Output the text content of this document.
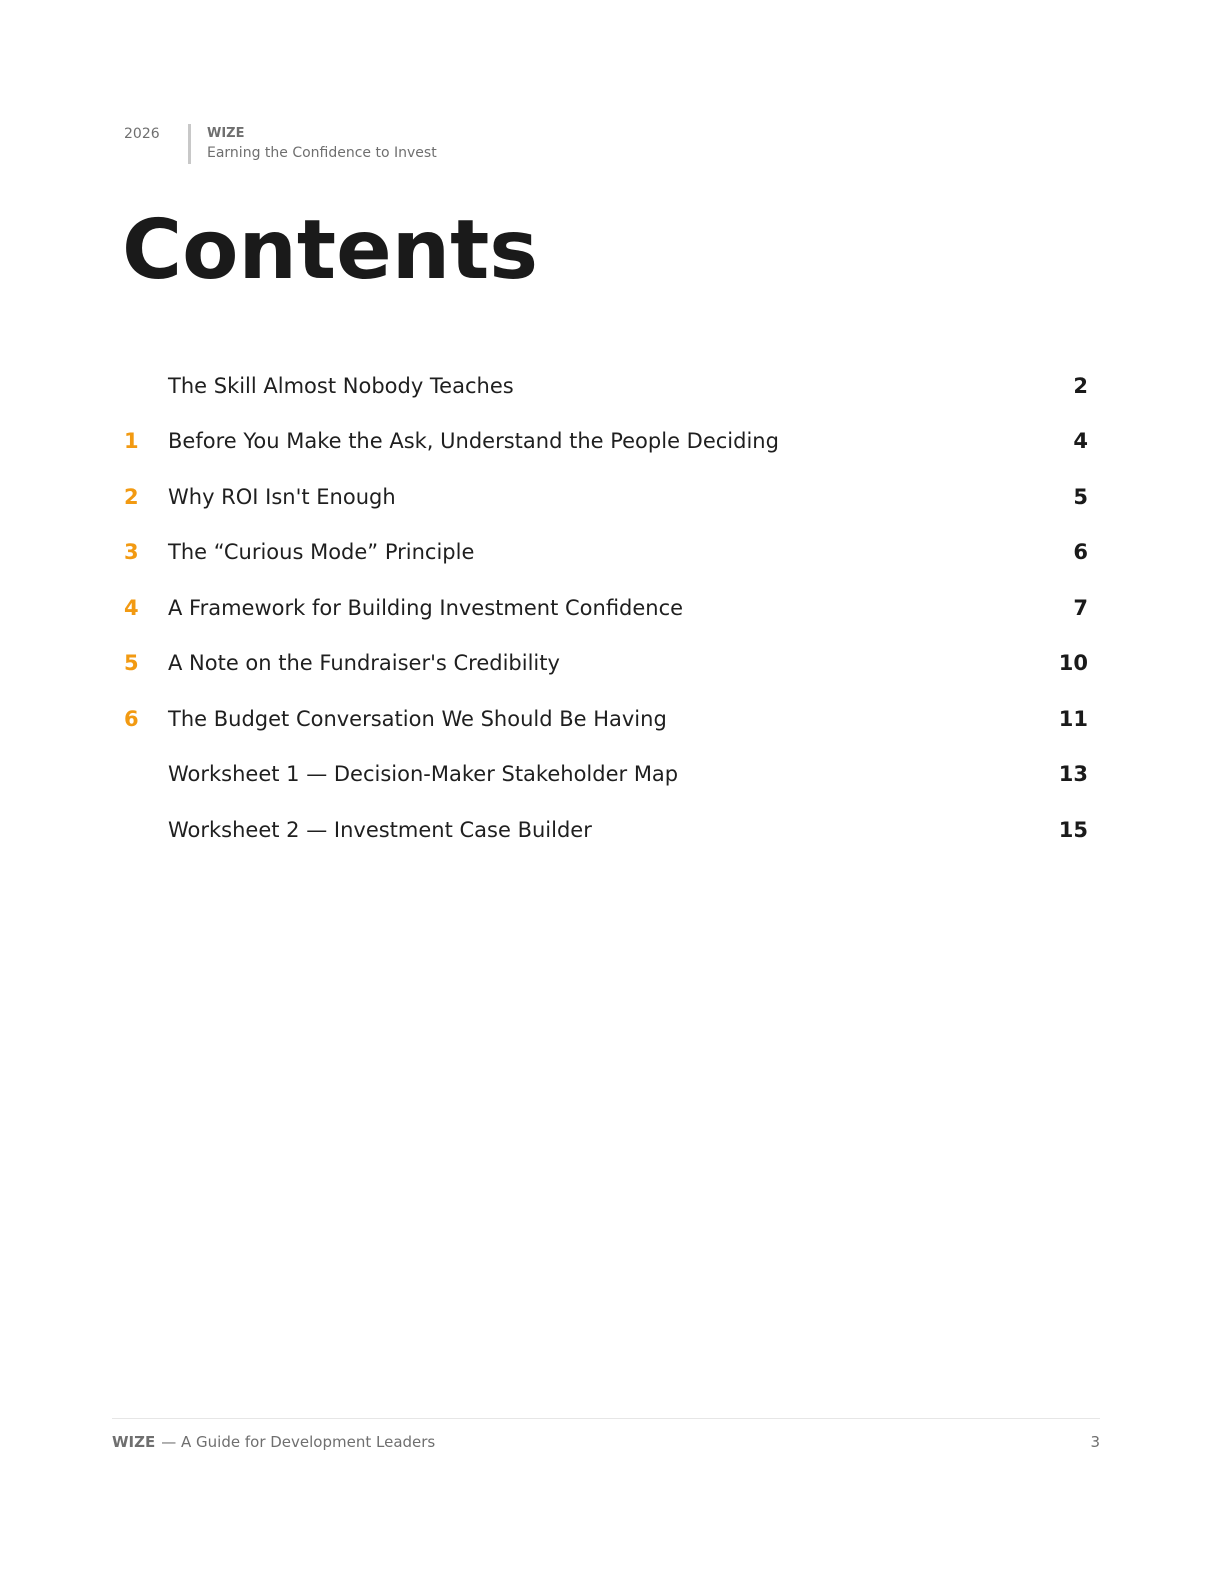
2026	WIZE
Earning the Confidence to Invest
Contents
The Skill Almost Nobody Teaches	2
1	Before You Make the Ask, Understand the People Deciding	4
2	Why ROI Isn't Enough	5
3	The “Curious Mode” Principle	6
4	A Framework for Building Investment Confidence	7
5	A Note on the Fundraiser's Credibility	10
6	The Budget Conversation We Should Be Having	11
Worksheet 1 — Decision-Maker Stakeholder Map	13
Worksheet 2 — Investment Case Builder	15
WIZE — A Guide for Development Leaders	3
